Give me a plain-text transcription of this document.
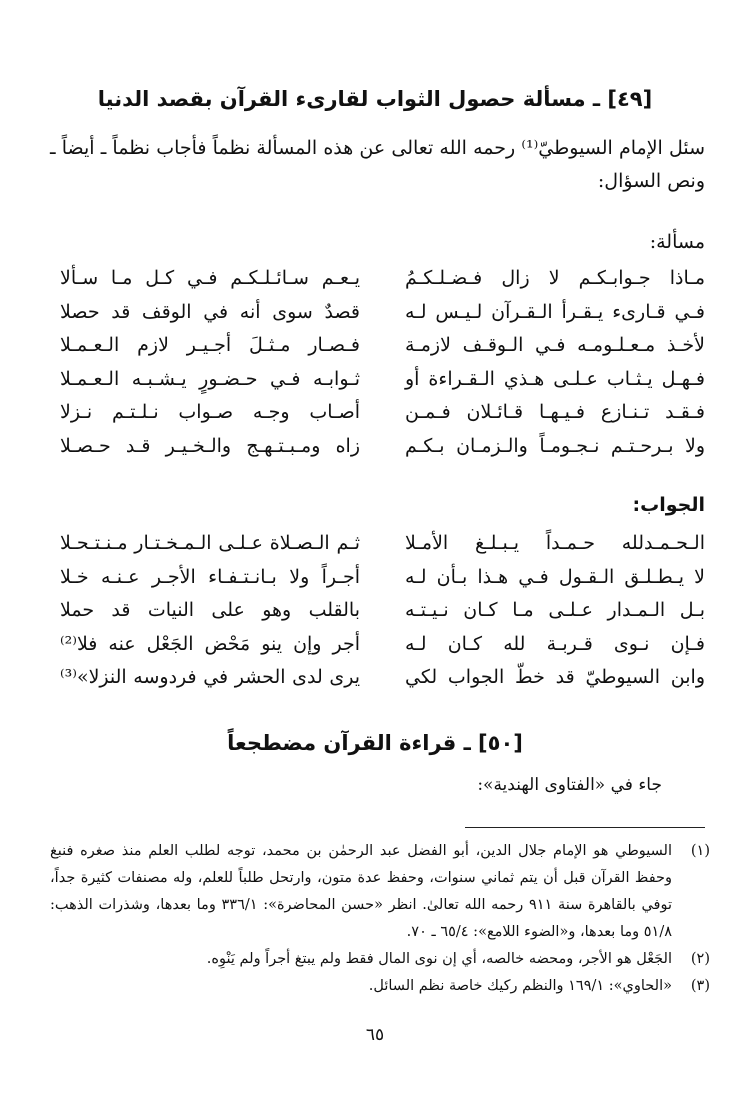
[٤٩] ـ مسألة حصول الثواب لقارىء القرآن بقصد الدنيا
سئل الإمام السيوطيّ⁽¹⁾ رحمه الله تعالى عن هذه المسألة نظماً فأجاب نظماً ـ أيضاً ـ ونص السؤال:
مسألة:
مـاذا جـوابـكـم لا زال فـضـلـكـمُ
يـعـم سـائـلـكـم فـي كـل مـا سـألا
فـي قـارىء يـقـرأ الـقـرآن لـيـس لـه
قصدٌ سوى أنه في الوقف قد حصلا
لأخـذ مـعـلـومـه فـي الـوقـف لازمـة
فـصـار مـثـلَ أجـيـر لازم الـعـمـلا
فـهـل يـثـاب عـلـى هـذي الـقـراءة أو
ثـوابـه فـي حـضـورٍ يـشـبـه الـعـمـلا
فـقـد تـنـازع فـيـهـا قـائـلان فـمـن
أصـاب وجـه صـواب نـلـتـم نـزلا
ولا بـرحـتـم نـجـومـاً والـزمـان بـكـم
زاه ومـبـتـهـج والـخـيـر قـد حـصـلا
الجواب:
الـحـمـدلله حـمـداً يـبـلـغ الأمـلا
ثـم الـصـلاة عـلـى الـمـخـتـار مـنـتـحـلا
لا يـطـلـق الـقـول فـي هـذا بـأن لـه
أجـراً ولا بـانـتـفـاء الأجـر عـنـه خـلا
بـل الـمـدار عـلـى مـا كـان نـيـتـه
بالقلب وهو على النيات قد حملا
فـإن نـوى قـربـة لله كـان لـه
أجر وإن ينو مَحْض الجَعْل عنه فلا⁽²⁾
وابن السيوطيّ قد خطّ الجواب لكي
يرى لدى الحشر في فردوسه النزلا»⁽³⁾
[٥٠] ـ قراءة القرآن مضطجعاً
جاء في «الفتاوى الهندية»:
(١)
السيوطي هو الإمام جلال الدين، أبو الفضل عبد الرحمٰن بن محمد، توجه لطلب العلم منذ صغره فنبغ وحفظ القرآن قبل أن يتم ثماني سنوات، وحفظ عدة متون، وارتحل طلباً للعلم، وله مصنفات كثيرة جداً، توفي بالقاهرة سنة ٩١١ رحمه الله تعالىٰ. انظر «حسن المحاضرة»: ٣٣٦/١ وما بعدها، وشذرات الذهب: ٥١/٨ وما بعدها، و«الضوء اللامع»: ٦٥/٤ ـ ٧٠.
(٢)
الجَعْل هو الأجر، ومحضه خالصه، أي إن نوى المال فقط ولم يبتغ أجراً ولم يَنْوِه.
(٣)
«الحاوي»: ١٦٩/١ والنظم ركيك خاصة نظم السائل.
٦٥
